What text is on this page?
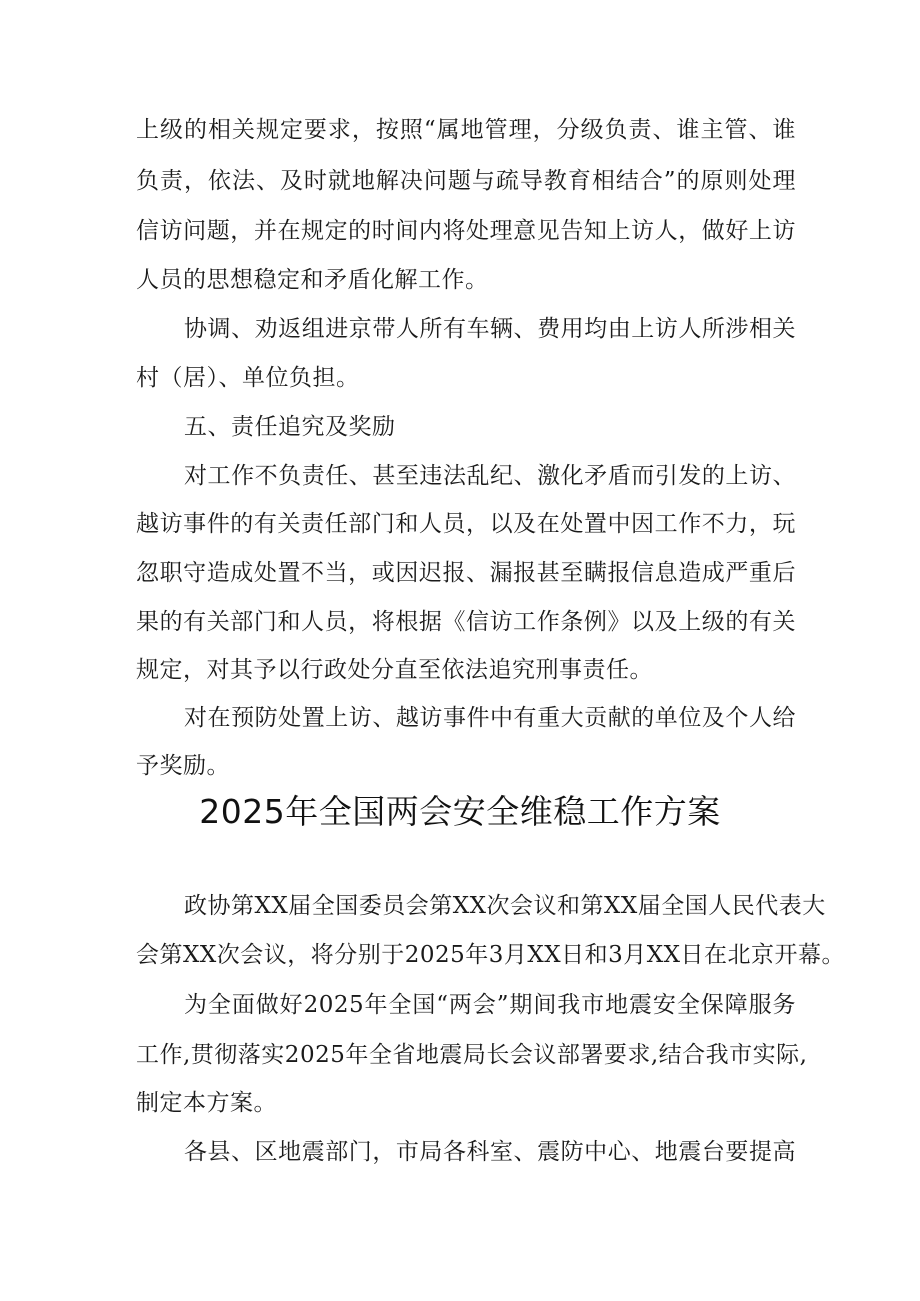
上级的相关规定要求，按照“属地管理，分级负责、谁主管、谁
负责，依法、及时就地解决问题与疏导教育相结合”的原则处理
信访问题，并在规定的时间内将处理意见告知上访人，做好上访
人员的思想稳定和矛盾化解工作。
协调、劝返组进京带人所有车辆、费用均由上访人所涉相关
村（居）、单位负担。
五、责任追究及奖励
对工作不负责任、甚至违法乱纪、激化矛盾而引发的上访、
越访事件的有关责任部门和人员，以及在处置中因工作不力，玩
忽职守造成处置不当，或因迟报、漏报甚至瞒报信息造成严重后
果的有关部门和人员，将根据《信访工作条例》以及上级的有关
规定，对其予以行政处分直至依法追究刑事责任。
对在预防处置上访、越访事件中有重大贡献的单位及个人给
予奖励。
2025年全国两会安全维稳工作方案
政协第XX届全国委员会第XX次会议和第XX届全国人民代表大
会第XX次会议，将分别于2025年3月XX日和3月XX日在北京开幕。
为全面做好2025年全国“两会”期间我市地震安全保障服务
工作,贯彻落实2025年全省地震局长会议部署要求,结合我市实际,
制定本方案。
各县、区地震部门，市局各科室、震防中心、地震台要提高
